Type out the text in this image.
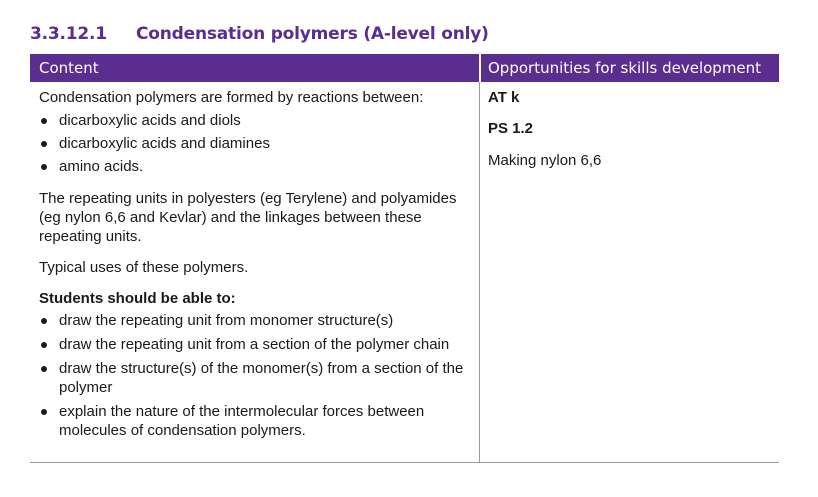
3.3.12.1	Condensation polymers (A-level only)
Content	Opportunities for skills development

Condensation polymers are formed by reactions between:

dicarboxylic acids and diols
dicarboxylic acids and diamines
amino acids.

The repeating units in polyesters (eg Terylene) and polyamides (eg nylon 6,6 and Kevlar) and the linkages between these repeating units.

Typical uses of these polymers.

Students should be able to:

draw the repeating unit from monomer structure(s)
draw the repeating unit from a section of the polymer chain
draw the structure(s) of the monomer(s) from a section of the polymer
explain the nature of the intermolecular forces between molecules of condensation polymers.

AT k

PS 1.2

Making nylon 6,6
